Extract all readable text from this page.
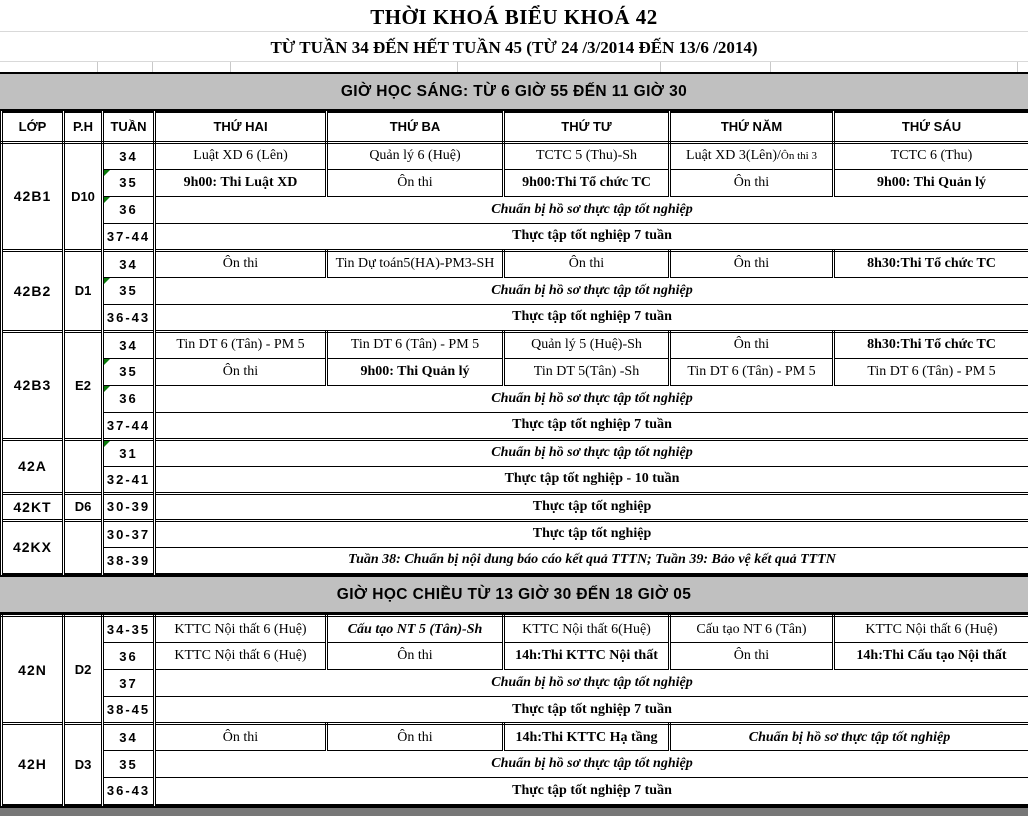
THỜI KHOÁ BIỂU KHOÁ 42
TỪ TUẦN 34 ĐẾN HẾT TUẦN 45 (TỪ 24 /3/2014 ĐẾN 13/6 /2014)
GIỜ HỌC SÁNG: TỪ 6 GIỜ 55 ĐẾN 11 GIỜ 30
LỚP	P.H	TUẦN	THỨ HAI	THỨ BA	THỨ TƯ	THỨ NĂM	THỨ SÁU
42B1	D10	34	Luật XD 6 (Lên)	Quản lý 6 (Huệ)	TCTC 5 (Thu)-Sh	Luật XD 3(Lên)/Ôn thi 3	TCTC 6 (Thu)
		35	9h00: Thi Luật XD	Ôn thi	9h00:Thi Tổ chức TC	Ôn thi	9h00: Thi Quản lý
		36	Chuẩn bị hồ sơ thực tập tốt nghiệp				
		37-44	Thực tập tốt nghiệp 7 tuần				
42B2	D1	34	Ôn thi	Tin Dự toán5(HA)-PM3-SH	Ôn thi	Ôn thi	8h30:Thi Tổ chức TC
		35	Chuẩn bị hồ sơ thực tập tốt nghiệp				
		36-43	Thực tập tốt nghiệp 7 tuần				
42B3	E2	34	Tin DT 6 (Tân) - PM 5	Tin DT 6 (Tân) - PM 5	Quản lý 5 (Huệ)-Sh	Ôn thi	8h30:Thi Tổ chức TC
		35	Ôn thi	9h00: Thi Quản lý	Tin DT 5(Tân) -Sh	Tin DT 6 (Tân) - PM 5	Tin DT 6 (Tân) - PM 5
		36	Chuẩn bị hồ sơ thực tập tốt nghiệp				
		37-44	Thực tập tốt nghiệp 7 tuần				
42A		31	Chuẩn bị hồ sơ thực tập tốt nghiệp				
		32-41	Thực tập tốt nghiệp - 10 tuần				
42KT	D6	30-39	Thực tập tốt nghiệp				
42KX		30-37	Thực tập tốt nghiệp				
		38-39	Tuần 38: Chuẩn bị nội dung báo cáo kết quả TTTN; Tuần 39: Bảo vệ kết quả TTTN				
GIỜ HỌC CHIỀU TỪ 13 GIỜ 30 ĐẾN 18 GIỜ 05
42N	D2	34-35	KTTC Nội thất 6 (Huệ)	Cấu tạo NT 5 (Tân)-Sh	KTTC Nội thất 6(Huệ)	Cấu tạo NT 6 (Tân)	KTTC Nội thất 6 (Huệ)
		36	KTTC Nội thất 6 (Huệ)	Ôn thi	14h:Thi KTTC Nội thất	Ôn thi	14h:Thi Cấu tạo Nội thất
		37	Chuẩn bị hồ sơ thực tập tốt nghiệp				
		38-45	Thực tập tốt nghiệp 7 tuần				
42H	D3	34	Ôn thi	Ôn thi	14h:Thi KTTC Hạ tầng	Chuẩn bị hồ sơ thực tập tốt nghiệp	
		35	Chuẩn bị hồ sơ thực tập tốt nghiệp				
		36-43	Thực tập tốt nghiệp 7 tuần				
